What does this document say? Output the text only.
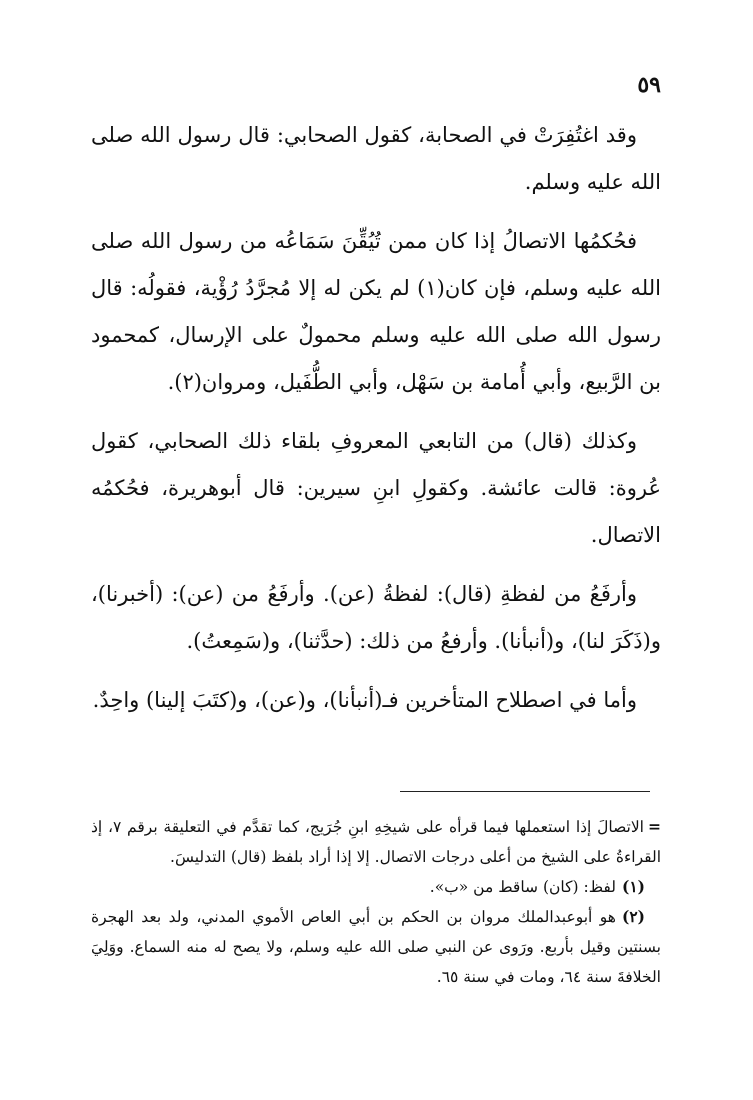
٥٩

وقد اغتُفِرَتْ في الصحابة، كقول الصحابي: قال رسول الله صلى الله عليه وسلم.

فحُكمُها الاتصالُ إذا كان ممن تُيُقِّنَ سَمَاعُه من رسول الله صلى الله عليه وسلم، فإن كان(١) لم يكن له إلا مُجرَّدُ رُؤْية، فقولُه: قال رسول الله صلى الله عليه وسلم محمولٌ على الإرسال، كمحمود بن الرَّبيع، وأبي أُمامة بن سَهْل، وأبي الطُّفَيل، ومروان(٢).

وكذلك (قال) من التابعي المعروفِ بلقاء ذلك الصحابي، كقول عُروة: قالت عائشة. وكقولِ ابنِ سيرين: قال أبوهريرة، فحُكمُه الاتصال.

وأرفَعُ من لفظةِ (قال): لفظةُ (عن). وأرفَعُ من (عن): (أخبرنا)، و(ذَكَرَ لنا)، و(أنبأنا). وأرفعُ من ذلك: (حدَّثنا)، و(سَمِعتُ).

وأما في اصطلاح المتأخرين فـ(أنبأنا)، و(عن)، و(كتَبَ إلينا) واحِدٌ.

=الاتصالَ إذا استعملها فيما قرأه على شيخِهِ ابنِ جُرَيج، كما تقدَّم في التعليقة برقم ٧، إذ القراءةُ على الشيخ من أعلى درجات الاتصال. إلا إذا أراد بلفظ (قال) التدليسَ.

(١)لفظ: (كان) ساقط من «ب».

(٢)هو أبوعبدالملك مروان بن الحكم بن أبي العاص الأموي المدني، ولد بعد الهجرة بسنتين وقيل بأربع. ورَوى عن النبي صلى الله عليه وسلم، ولا يصح له منه السماع. ووَلِيَ الخلافةَ سنة ٦٤، ومات في سنة ٦٥.
